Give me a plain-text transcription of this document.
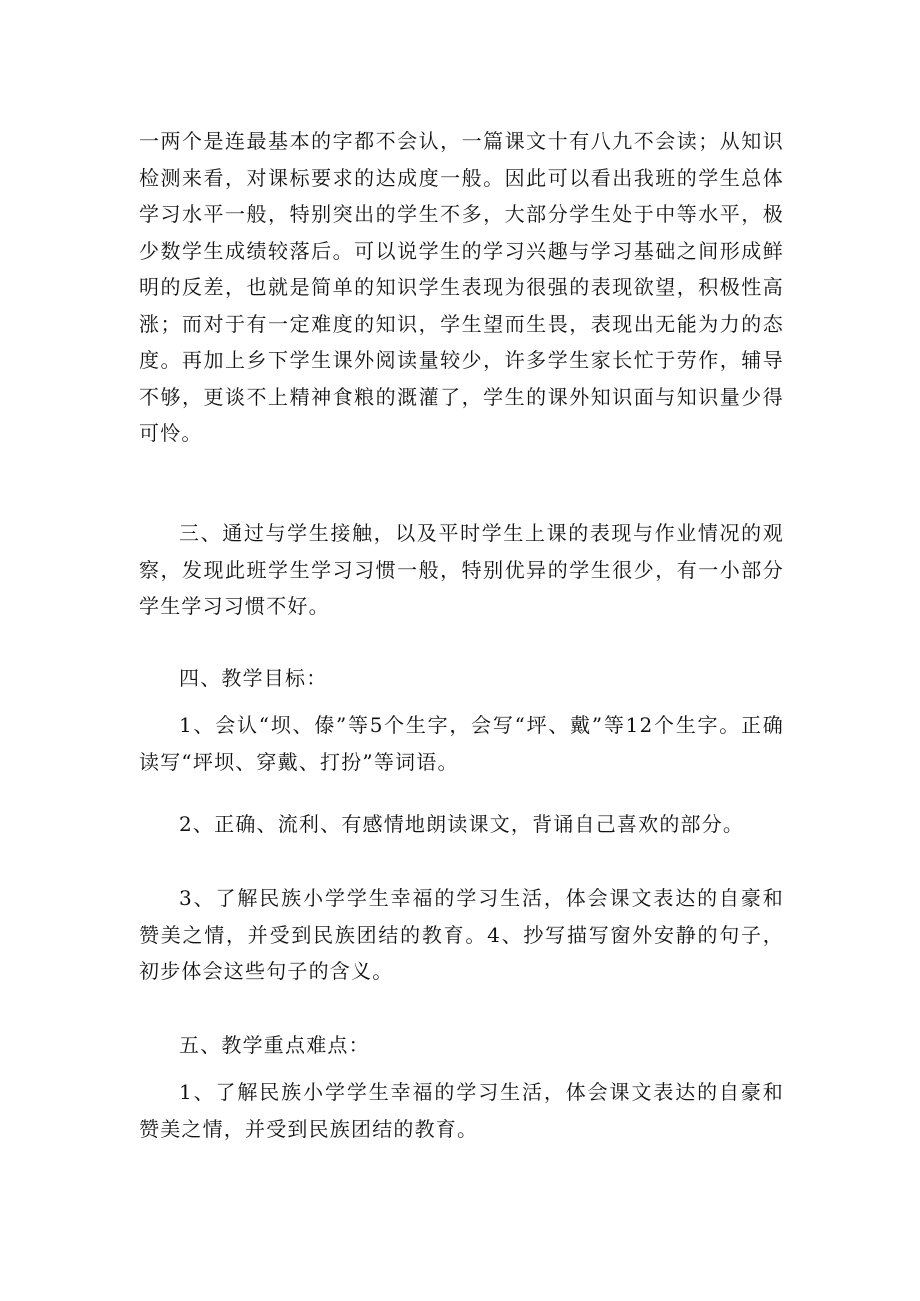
一两个是连最基本的字都不会认，一篇课文十有八九不会读；从知识检测来看，对课标要求的达成度一般。因此可以看出我班的学生总体学习水平一般，特别突出的学生不多，大部分学生处于中等水平，极少数学生成绩较落后。可以说学生的学习兴趣与学习基础之间形成鲜明的反差，也就是简单的知识学生表现为很强的表现欲望，积极性高涨；而对于有一定难度的知识，学生望而生畏，表现出无能为力的态度。再加上乡下学生课外阅读量较少，许多学生家长忙于劳作，辅导不够，更谈不上精神食粮的溉灌了，学生的课外知识面与知识量少得可怜。

三、通过与学生接触，以及平时学生上课的表现与作业情况的观察，发现此班学生学习习惯一般，特别优异的学生很少，有一小部分学生学习习惯不好。

四、教学目标：

1、会认“坝、傣”等5个生字，会写“坪、戴”等12个生字。正确读写“坪坝、穿戴、打扮”等词语。

2、正确、流利、有感情地朗读课文，背诵自己喜欢的部分。

3、了解民族小学学生幸福的学习生活，体会课文表达的自豪和赞美之情，并受到民族团结的教育。4、抄写描写窗外安静的句子，初步体会这些句子的含义。

五、教学重点难点：

1、了解民族小学学生幸福的学习生活，体会课文表达的自豪和赞美之情，并受到民族团结的教育。
